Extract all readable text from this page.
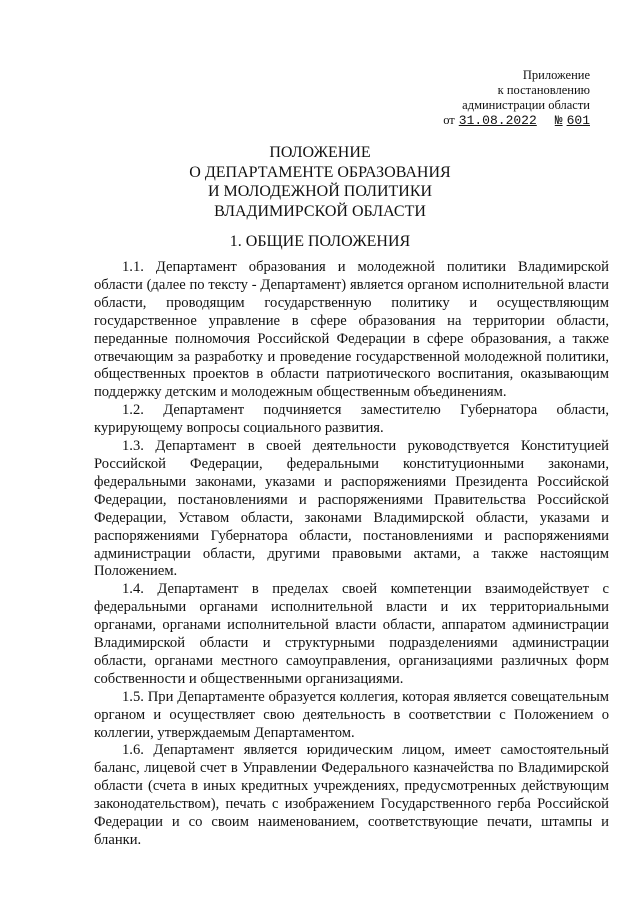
Приложение
к постановлению
администрации области
от 31.08.2022 № 601
ПОЛОЖЕНИЕ
О ДЕПАРТАМЕНТЕ ОБРАЗОВАНИЯ
И МОЛОДЕЖНОЙ ПОЛИТИКИ
ВЛАДИМИРСКОЙ ОБЛАСТИ
1. ОБЩИЕ ПОЛОЖЕНИЯ

1.1. Департамент образования и молодежной политики Владимирской области (далее по тексту - Департамент) является органом исполнительной власти области, проводящим государственную политику и осуществляющим государственное управление в сфере образования на территории области, переданные полномочия Российской Федерации в сфере образования, а также отвечающим за разработку и проведение государственной молодежной политики, общественных проектов в области патриотического воспитания, оказывающим поддержку детским и молодежным общественным объединениям.

1.2. Департамент подчиняется заместителю Губернатора области, курирующему вопросы социального развития.

1.3. Департамент в своей деятельности руководствуется Конституцией Российской Федерации, федеральными конституционными законами, федеральными законами, указами и распоряжениями Президента Российской Федерации, постановлениями и распоряжениями Правительства Российской Федерации, Уставом области, законами Владимирской области, указами и распоряжениями Губернатора области, постановлениями и распоряжениями администрации области, другими правовыми актами, а также настоящим Положением.

1.4. Департамент в пределах своей компетенции взаимодействует с федеральными органами исполнительной власти и их территориальными органами, органами исполнительной власти области, аппаратом администрации Владимирской области и структурными подразделениями администрации области, органами местного самоуправления, организациями различных форм собственности и общественными организациями.

1.5. При Департаменте образуется коллегия, которая является совещательным органом и осуществляет свою деятельность в соответствии с Положением о коллегии, утверждаемым Департаментом.

1.6. Департамент является юридическим лицом, имеет самостоятельный баланс, лицевой счет в Управлении Федерального казначейства по Владимирской области (счета в иных кредитных учреждениях, предусмотренных действующим законодательством), печать с изображением Государственного герба Российской Федерации и со своим наименованием, соответствующие печати, штампы и бланки.
